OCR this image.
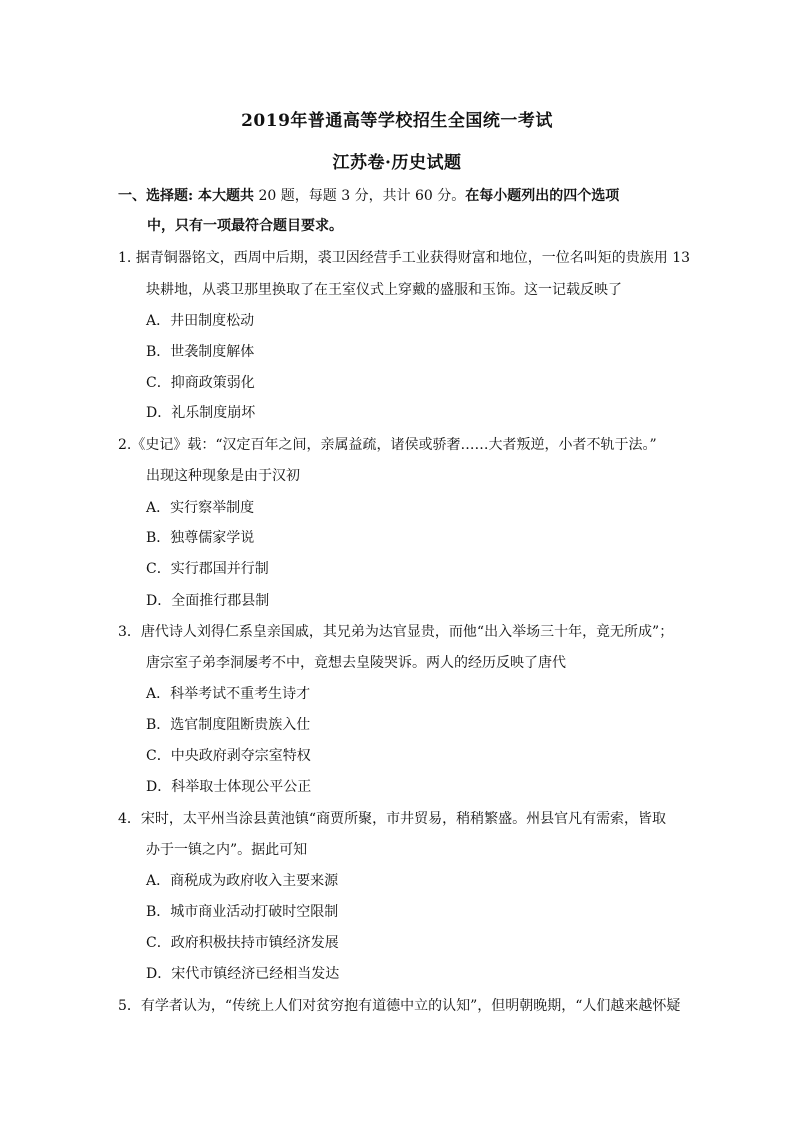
2019年普通高等学校招生全国统一考试
江苏卷·历史试题
一、选择题: 本大题共 20 题，每题 3 分，共计 60 分。在每小题列出的四个选项
中，只有一项最符合题目要求。
1. 据青铜器铭文，西周中后期，裘卫因经营手工业获得财富和地位，一位名叫矩的贵族用 13
块耕地，从裘卫那里换取了在王室仪式上穿戴的盛服和玉饰。这一记载反映了
A．井田制度松动
B．世袭制度解体
C．抑商政策弱化
D．礼乐制度崩坏
2.《史记》载：“汉定百年之间，亲属益疏，诸侯或骄奢……大者叛逆，小者不轨于法。”
出现这种现象是由于汉初
A．实行察举制度
B．独尊儒家学说
C．实行郡国并行制
D．全面推行郡县制
3．唐代诗人刘得仁系皇亲国戚，其兄弟为达官显贵，而他“出入举场三十年，竟无所成”；
唐宗室子弟李洞屡考不中，竟想去皇陵哭诉。两人的经历反映了唐代
A．科举考试不重考生诗才
B．选官制度阻断贵族入仕
C．中央政府剥夺宗室特权
D．科举取士体现公平公正
4．宋时，太平州当涂县黄池镇“商贾所聚，市井贸易，稍稍繁盛。州县官凡有需索，皆取
办于一镇之内”。据此可知
A．商税成为政府收入主要来源
B．城市商业活动打破时空限制
C．政府积极扶持市镇经济发展
D．宋代市镇经济已经相当发达
5．有学者认为，“传统上人们对贫穷抱有道德中立的认知”，但明朝晚期，“人们越来越怀疑
